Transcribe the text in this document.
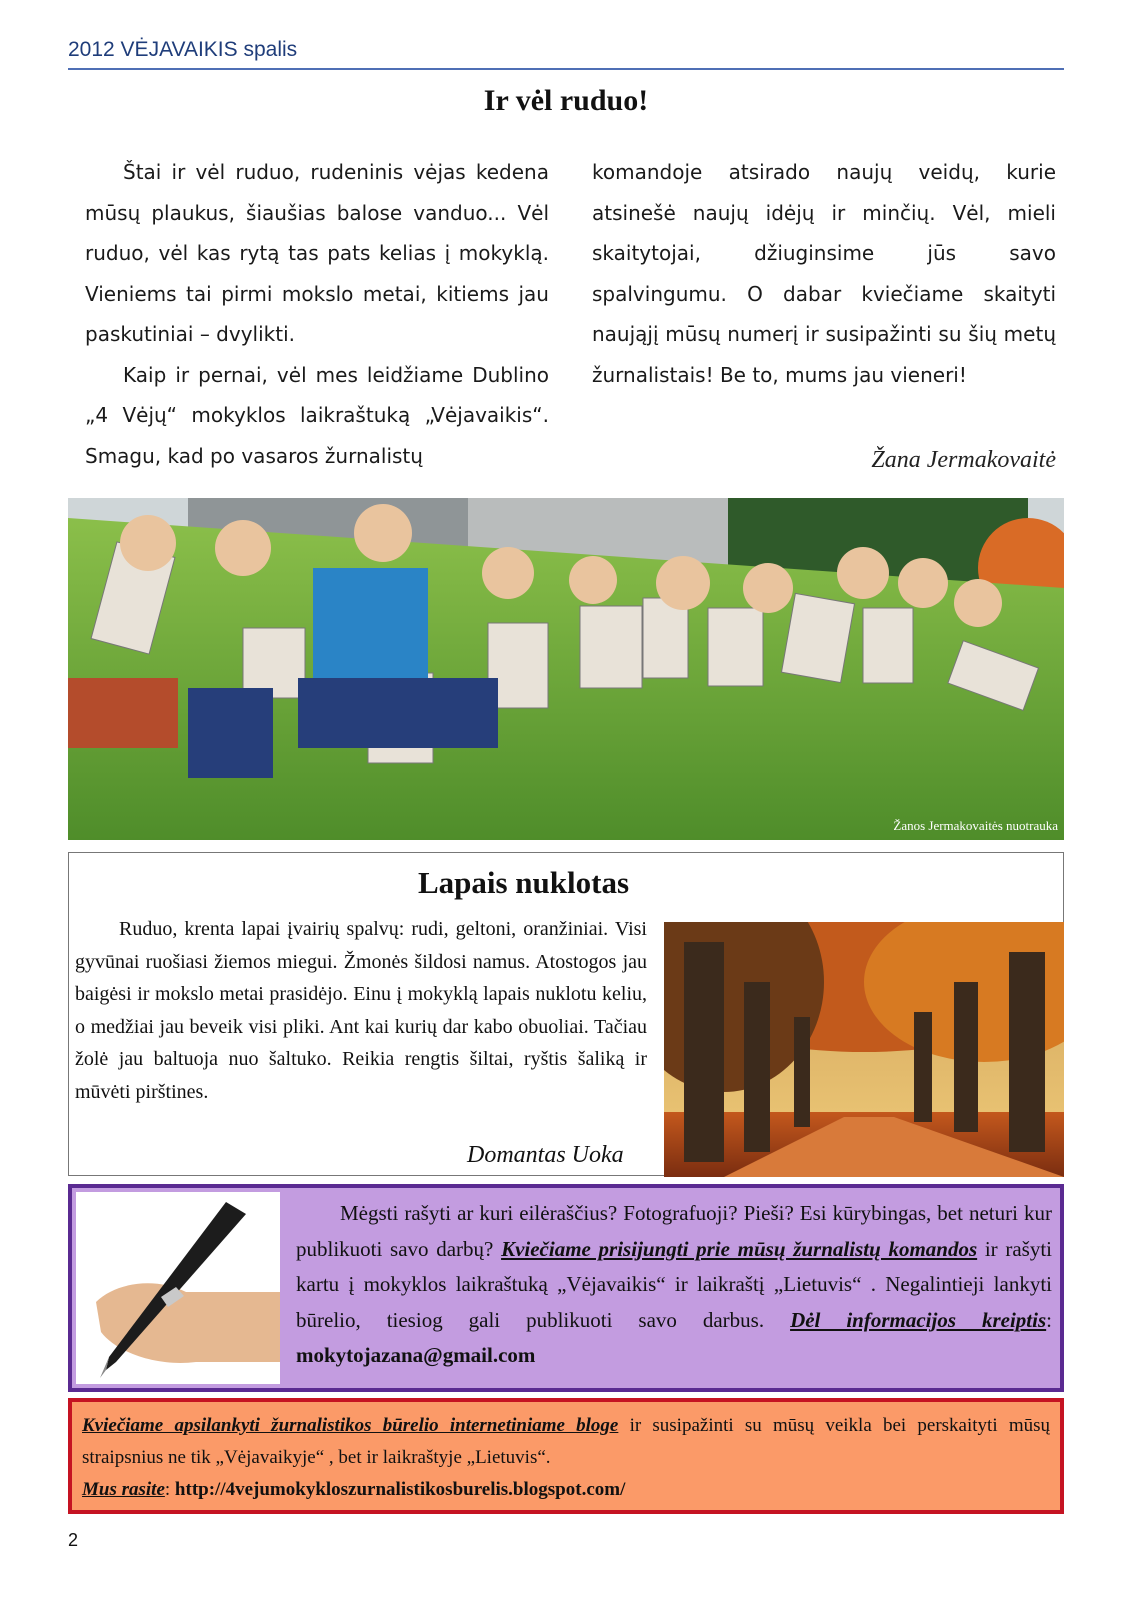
2012 VĖJAVAIKIS spalis
Ir vėl ruduo!

Štai ir vėl ruduo, rudeninis vėjas kedena mūsų plaukus, šiaušias balose vanduo... Vėl ruduo, vėl kas rytą tas pats kelias į mokyklą. Vieniems tai pirmi mokslo metai, kitiems jau paskutiniai – dvylikti.

Kaip ir pernai, vėl mes leidžiame Dublino „4 Vėjų“ mokyklos laikraštuką „Vėjavaikis“. Smagu, kad po vasaros žurnalistų

komandoje atsirado naujų veidų, kurie atsinešė naujų idėjų ir minčių. Vėl, mieli skaitytojai, džiuginsime jūs savo spalvingumu. O dabar kviečiame skaityti naująjį mūsų numerį ir susipažinti su šių metų žurnalistais! Be to, mums jau vieneri!

Žana Jermakovaitė
Žanos Jermakovaitės nuotrauka
Lapais nuklotas

Ruduo, krenta lapai įvairių spalvų: rudi, geltoni, oranžiniai. Visi gyvūnai ruošiasi žiemos miegui. Žmonės šildosi namus. Atostogos jau baigėsi ir mokslo metai prasidėjo. Einu į mokyklą lapais nuklotu keliu, o medžiai jau beveik visi pliki. Ant kai kurių dar kabo obuoliai. Tačiau žolė jau baltuoja nuo šaltuko. Reikia rengtis šiltai, ryštis šaliką ir mūvėti pirštines.

Domantas Uoka

Mėgsti rašyti ar kuri eilėraščius? Fotografuoji? Pieši? Esi kūrybingas, bet neturi kur publikuoti savo darbų? Kviečiame prisijungti prie mūsų žurnalistų komandos ir rašyti kartu į mokyklos laikraštuką „Vėjavaikis“ ir laikraštį „Lietuvis“ . Negalintieji lankyti būrelio, tiesiog gali publikuoti savo darbus. Dėl informacijos kreiptis: mokytojazana@gmail.com

Kviečiame apsilankyti žurnalistikos būrelio internetiniame bloge ir susipažinti su mūsų veikla bei perskaityti mūsų straipsnius ne tik „Vėjavaikyje“ , bet ir laikraštyje „Lietuvis“.
Mus rasite: http://4vejumokykloszurnalistikosburelis.blogspot.com/

2
